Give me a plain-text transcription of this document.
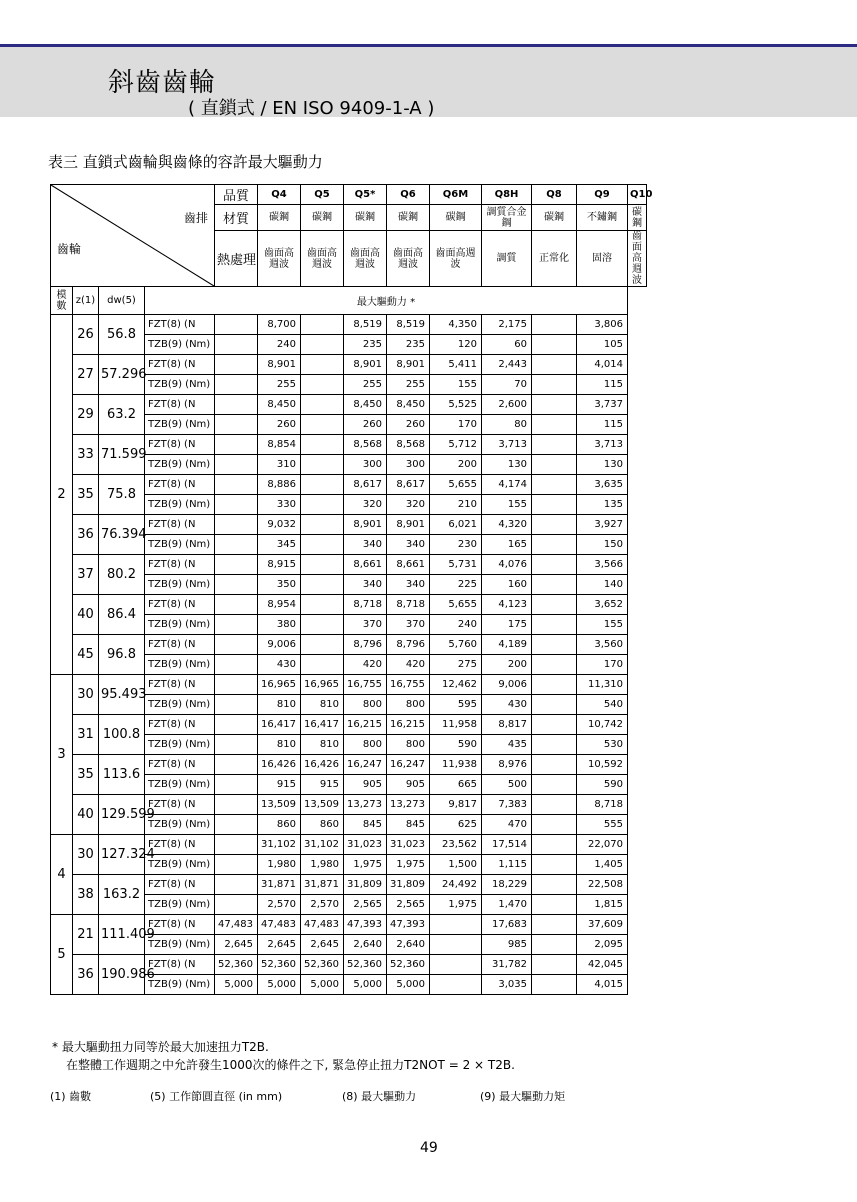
斜齒齒輪
( 直鎖式 / EN ISO 9409-1-A )
表三 直鎖式齒輪與齒條的容許最大驅動力
齒排
齒輪				品質	Q4	Q5	Q5*	Q6	Q6M	Q8H	Q8	Q9	Q10
				材質	碳鋼	碳鋼	碳鋼	碳鋼	碳鋼	調質合金鋼	碳鋼	不鏽鋼	碳鋼
				熱處理	齒面高週波	齒面高週波	齒面高週波	齒面高週波	齒面高週波	調質	正常化	固溶	齒面高週波
模數	z(1)	dw(5)	最大驅動力 *										
2	26	56.8	FZT(8) (N		8,700		8,519	8,519	4,350	2,175		3,806	
			TZB(9) (Nm)		240		235	235	120	60		105	
	27	57.296	FZT(8) (N		8,901		8,901	8,901	5,411	2,443		4,014	
			TZB(9) (Nm)		255		255	255	155	70		115	
	29	63.2	FZT(8) (N		8,450		8,450	8,450	5,525	2,600		3,737	
			TZB(9) (Nm)		260		260	260	170	80		115	
	33	71.599	FZT(8) (N		8,854		8,568	8,568	5,712	3,713		3,713	
			TZB(9) (Nm)		310		300	300	200	130		130	
	35	75.8	FZT(8) (N		8,886		8,617	8,617	5,655	4,174		3,635	
			TZB(9) (Nm)		330		320	320	210	155		135	
	36	76.394	FZT(8) (N		9,032		8,901	8,901	6,021	4,320		3,927	
			TZB(9) (Nm)		345		340	340	230	165		150	
	37	80.2	FZT(8) (N		8,915		8,661	8,661	5,731	4,076		3,566	
			TZB(9) (Nm)		350		340	340	225	160		140	
	40	86.4	FZT(8) (N		8,954		8,718	8,718	5,655	4,123		3,652	
			TZB(9) (Nm)		380		370	370	240	175		155	
	45	96.8	FZT(8) (N		9,006		8,796	8,796	5,760	4,189		3,560	
			TZB(9) (Nm)		430		420	420	275	200		170	
3	30	95.493	FZT(8) (N		16,965	16,965	16,755	16,755	12,462	9,006		11,310	
			TZB(9) (Nm)		810	810	800	800	595	430		540	
	31	100.8	FZT(8) (N		16,417	16,417	16,215	16,215	11,958	8,817		10,742	
			TZB(9) (Nm)		810	810	800	800	590	435		530	
	35	113.6	FZT(8) (N		16,426	16,426	16,247	16,247	11,938	8,976		10,592	
			TZB(9) (Nm)		915	915	905	905	665	500		590	
	40	129.599	FZT(8) (N		13,509	13,509	13,273	13,273	9,817	7,383		8,718	
			TZB(9) (Nm)		860	860	845	845	625	470		555	
4	30	127.324	FZT(8) (N		31,102	31,102	31,023	31,023	23,562	17,514		22,070	
			TZB(9) (Nm)		1,980	1,980	1,975	1,975	1,500	1,115		1,405	
	38	163.2	FZT(8) (N		31,871	31,871	31,809	31,809	24,492	18,229		22,508	
			TZB(9) (Nm)		2,570	2,570	2,565	2,565	1,975	1,470		1,815	
5	21	111.409	FZT(8) (N	47,483	47,483	47,483	47,393	47,393		17,683		37,609	
			TZB(9) (Nm)	2,645	2,645	2,645	2,640	2,640		985		2,095	
	36	190.986	FZT(8) (N	52,360	52,360	52,360	52,360	52,360		31,782		42,045	
			TZB(9) (Nm)	5,000	5,000	5,000	5,000	5,000		3,035		4,015	
* 最大驅動扭力同等於最大加速扭力T2B.
在整體工作週期之中允許發生1000次的條件之下, 緊急停止扭力T2NOT = 2 × T2B.
(1) 齒數	(5) 工作節圓直徑 (in mm)	(8) 最大驅動力	(9) 最大驅動力矩
49
